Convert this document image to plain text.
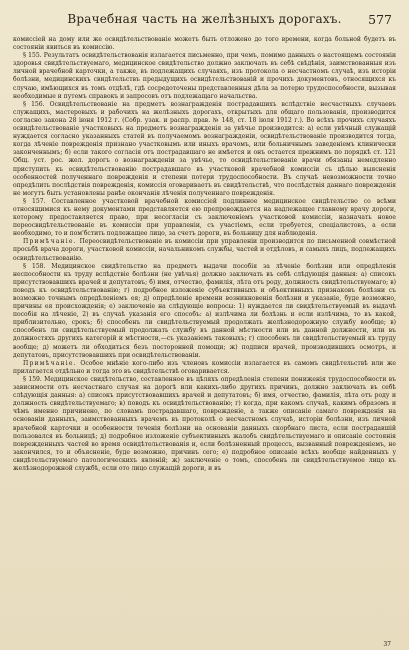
Врачебная часть на желѣзныхъ дорогахъ.	577

комиссiей на дому или же освидѣтельствованiе можетъ быть отложено до того времени, когда больной будетъ въ состоянiи явиться въ комиссiю.

§ 155. Результатъ освидѣтельствованiя излагается письменно, при чемъ, помимо данныхъ о настоящемъ состоянiи здоровья свидѣтельствуемаго, медицинское свидѣтельство должно заключать въ себѣ свѣдѣнiя, заимствованныя изъ личной врачебной карточки, а также, въ подлежащихъ случаяхъ, изъ протокола о несчастномъ случаѣ, изъ исторiи болѣзни, медицинскихъ свидѣтельствъ предыдущихъ освидѣтельствованiй и прочихъ документовъ, относящихся къ случаю, имѣющихся въ томъ отдѣлѣ, гдѣ сосредоточены представленныя дѣла за потерю трудоспособности, вызывая необходимые и путемъ справокъ и запросовъ отъ подлежащаго начальства.

§ 156. Освидѣтельствованiе на предметъ вознагражденiя пострадавшихъ вслѣдствiе несчастныхъ случаевъ служащихъ, мастеровыхъ и рабочихъ на желѣзныхъ дорогахъ, открытыхъ для общаго пользованiя, производится согласно закона 28 iюня 1912 г. (Собр. узак. и распр. прав. № 148, ст. 18 iюля 1912 г.). Во всѣхъ прочихъ случаяхъ освидѣтельствованiе участковыхъ на предметъ вознагражденiя за увѣчье производится: а) если увѣчный служащiй нуждается согласно указанныхъ статей въ получаемомъ вознагражденiи, освидѣтельствованiе производится тогда, когда лѣченiе поврежденiя признано участковымъ или иныхъ врачомъ, или больничнымъ заведенiемъ клинически законченнымъ; б) если такого согласiя отъ пострадавшаго не имѣется и онъ остается прежнимъ по порядкѣ ст. 121 Общ. уст. рос. жел. дорогъ о вознагражденiи за увѣчье, то освидѣтельствованiе врачи обязаны немедленно приступить къ освидѣтельствованiю пострадавшаго въ участковой врачебной комиссiи съ цѣлью выясненiя особенностей полученнаго поврежденiя и степени потери трудоспособности. Въ случаѣ невозможности точно опредѣлить послѣдствiя поврежденiя, комиссiя оговариваетъ въ свидѣтельствѣ, что послѣдствiя даннаго поврежденiя не могутъ быть установлены ранѣе окончанiя лѣченiя полученнаго поврежденiя.

§ 157. Составленное участковой врачебной комиссiей подлинное медицинское свидѣтельство со всѣми относящимися къ нему документами представляется ею препровождается на надлежащее главному врачу дороги, которому предоставляется право, при несогласiи съ заключенiемъ участковой комиссiи, назначать новое переосвидѣтельствованiе въ комиссiи при управленiи, съ участiемъ, если требуется, спецiалистовъ, а если необходимо, то и пом'бстить подлежащее лицо, за счетъ дороги, въ больницу для наблюденiя.

Примѣчанiе. Переосвидѣтельствованiе въ комиссiи при управленiи производится по письменной совмѣстной просьбѣ врача дороги, участковой комиссiи, начальникомъ службы, частей и отдѣловъ, и самыхъ лицъ, подлежащихъ освидѣтельствованiю.

§ 158. Медицинское свидѣтельство на предметъ выдачи пособiя за лѣченiе болѣзни или опредѣленiя неспособности къ труду вслѣдствiе болѣзни (не увѣчья) должно заключать въ себѣ слѣдующiя данныя: а) списокъ присутствовавшихъ врачей и депутатовъ; б) имя, отчество, фамилiя, лѣта отъ роду, должность свидѣтельствуемаго; в) поводъ къ освидѣтельствованiю; г) подробное изложенiе субъективныхъ и объективныхъ признаковъ болѣзни съ возможно точнымъ опредѣленiемъ ея; д) опредѣленiе времени возникновенiя болѣзни и указанiе, буде возможно, причины ея происхожденiя; е) заключенiе на слѣдующiе вопросы: 1) нуждается ли свидѣтельствуемый въ выдачѣ пособiя на лѣченiе, 2) въ случаѣ указанiя его способъ: а) излѣчима ли болѣзнь и если излѣчима, то въ какой, приблизительно, срокъ; б) способенъ ли свидѣтельствуемый продолжать желѣзнодорожную службу вообще; в) способенъ ли свидѣтельствуемый продолжать службу въ данной мѣстности или въ данной должности, или въ должностяхъ другихъ категорiй и мѣстности,—съ указанiемъ таковыхъ; г) способенъ ли свидѣтельствуемый къ труду вообще; д) можетъ ли обходиться безъ посторонней помощи; ж) подписи врачей, производившихъ осмотръ, и депутатовъ, присутствовавшихъ при освидѣтельствованiи.

Примѣчанiе. Особое мнѣнiе кого-либо изъ членовъ комиссiи излагается въ самомъ свидѣтельствѣ или же прилагается отдѣльно и тогда это въ свидѣтельствѣ оговаривается.

§ 159. Медицинское свидѣтельство, составленное въ цѣляхъ опредѣленiя степени пониженiя трудоспособности въ зависимости отъ несчастнаго случая на дорогѣ или какихъ-либо другихъ причинъ, должно заключать въ себѣ слѣдующiя данныя: а) списокъ присутствовавшихъ врачей и депутатовъ; б) имя, отчество, фамилiя, лѣта отъ роду и должность свидѣтельствуемаго; в) поводъ къ освидѣтельствованiю; г) когда, при какомъ случаѣ, какимъ образомъ и чѣмъ именно причинено, по словамъ пострадавшаго, поврежденiе, а также описанiе самаго поврежденiя на основанiи данныхъ, заимствованныхъ врачемъ въ протоколѣ о несчастномъ случаѣ, исторiи болѣзни, изъ личной врачебной карточки и особенности теченiя болѣзни на основанiи данныхъ скорбнаго листа, если пострадавшiй пользовался въ больницѣ; д) подробное изложенiе субъективныхъ жалобъ свидѣтельствуемаго и описанiе состоянiя поврежденныхъ частей во время освидѣтельствованiя и, если болѣзненный процессъ, вызванный поврежденiемъ, не закончился, то и объясненiе, буде возможно, причинъ сего; е) подробное описанiе всѣхъ вообще найденныхъ у свидѣтельствуемаго патологическихъ явленiй; ж) заключенiе о томъ, способенъ ли свидѣтельствуемое лицо къ желѣзнодорожной службѣ, если ото лицо служащiй дороги, и въ

37
